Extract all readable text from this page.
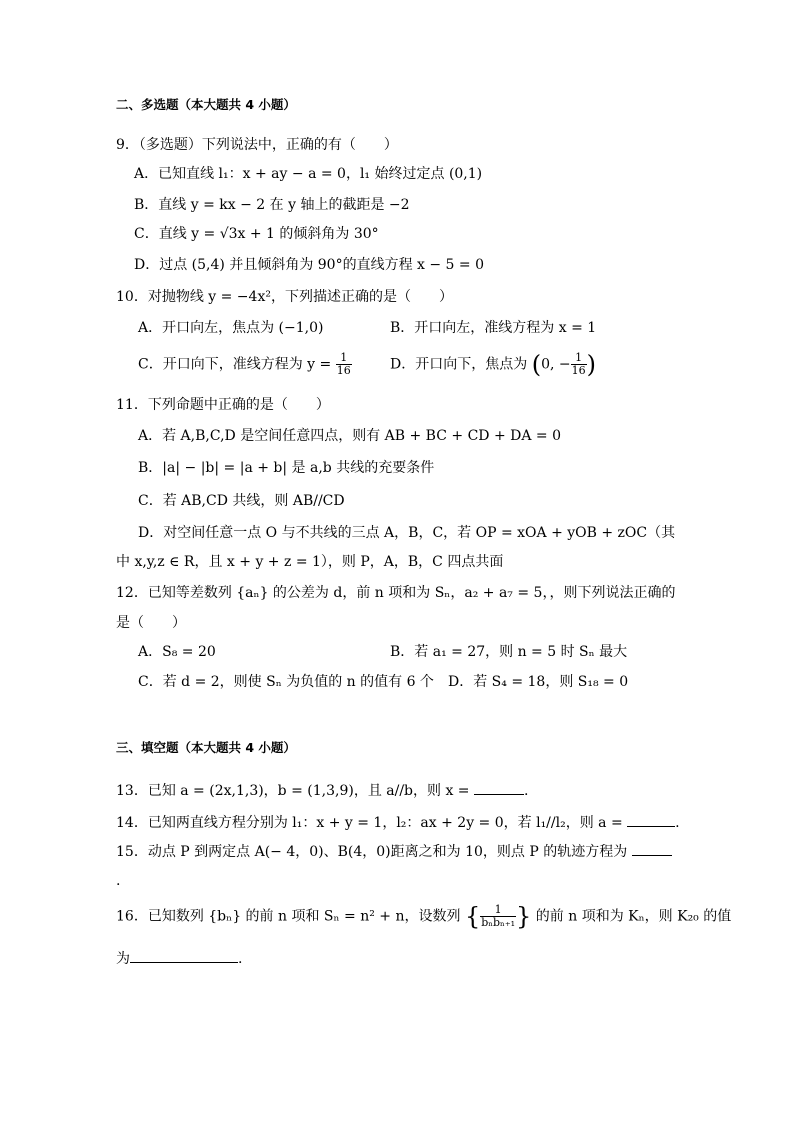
二、多选题（本大题共 4 小题）
9．（多选题）下列说法中，正确的有（　　）
A．已知直线 l₁：x + ay − a = 0，l₁ 始终过定点 (0,1)
B．直线 y = kx − 2 在 y 轴上的截距是 −2
C．直线 y = √3x + 1 的倾斜角为 30°
D．过点 (5,4) 并且倾斜角为 90°的直线方程 x − 5 = 0
10．对抛物线 y = −4x²，下列描述正确的是（　　）
A．开口向左，焦点为 (−1,0)	B．开口向左，准线方程为 x = 1
C．开口向下，准线方程为 $y = \frac{1}{16}$	D．开口向下，焦点为 (0, − $\frac{1}{16}$ )
11．下列命题中正确的是（　　）
A．若 A,B,C,D 是空间任意四点，则有 AB + BC + CD + DA = 0
B．|a| − |b| = |a + b| 是 a,b 共线的充要条件
C．若 AB,CD 共线，则 AB//CD
D．对空间任意一点 O 与不共线的三点 A，B，C，若 OP = xOA + yOB + zOC（其
中 x,y,z ∈ R，且 x + y + z = 1），则 P，A，B，C 四点共面
12．已知等差数列 {aₙ} 的公差为 d，前 n 项和为 Sₙ，a₂ + a₇ = 5，，则下列说法正确的
是（　　）
A．S₈ = 20	B．若 a₁ = 27，则 n = 5 时 Sₙ 最大
C．若 d = 2，则使 Sₙ 为负值的 n 的值有 6 个 D．若 S₄ = 18，则 S₁₈ = 0
三、填空题（本大题共 4 小题）
13．已知 a = (2x,1,3)，b = (1,3,9)，且 a//b，则 x =	.
14．已知两直线方程分别为 l₁：x + y = 1，l₂：ax + 2y = 0，若 l₁//l₂，则 a =	.
15．动点 P 到两定点 A(− 4，0)、B(4，0)距离之和为 10，则点 P 的轨迹方程为
.
16．已知数列 {bₙ} 的前 n 项和 Sₙ = n² + n，设数列 { $\frac{1}{\text{bₙbₙ₊₁}}$ } 的前 n 项和为 Kₙ，则 K₂₀ 的值
为	.
